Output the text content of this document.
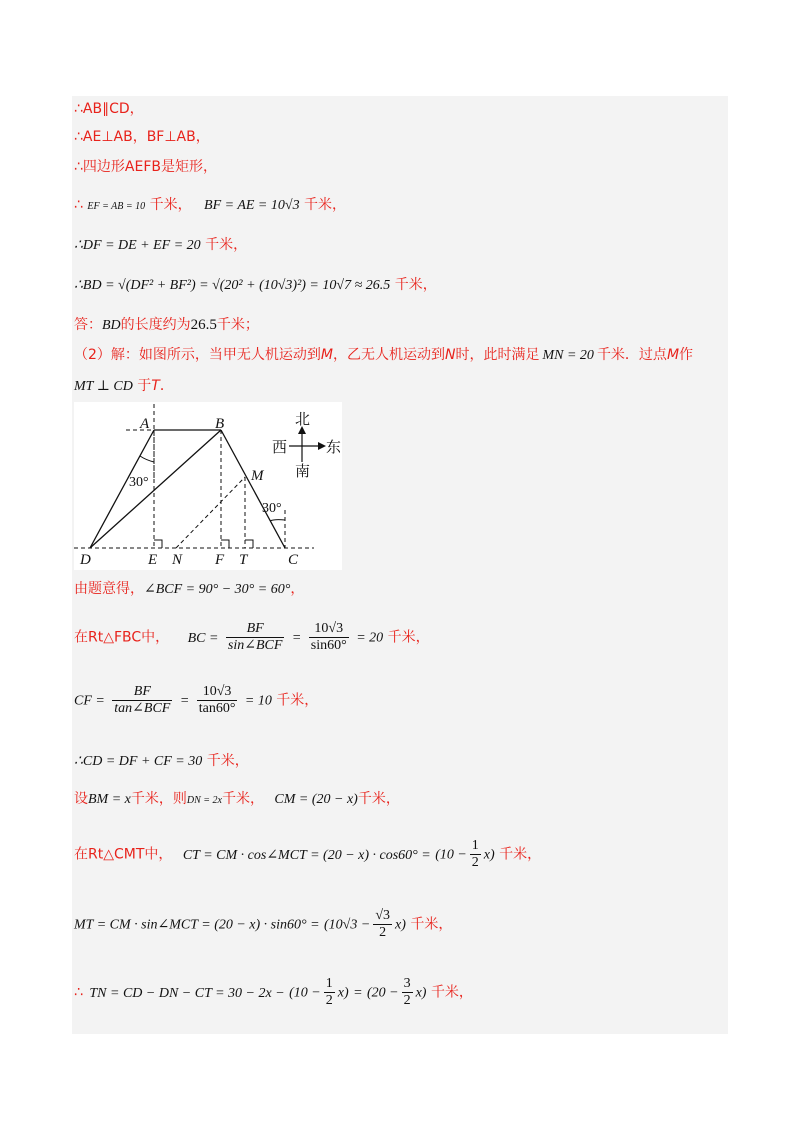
∴AB∥CD，
∴AE⊥AB，BF⊥AB，
∴四边形AEFB是矩形，
∴ EF = AB = 10 千米， BF = AE = 10√3 千米，
∴DF = DE + EF = 20 千米，
∴BD = √(DF² + BF²) = √(20² + (10√3)²) = 10√7 ≈ 26.5 千米，
答：BD的长度约为26.5千米；
（2）解：如图所示，当甲无人机运动到M，乙无人机运动到N时，此时满足 MN = 20 千米．过点M作
MT ⊥ CD 于T．
A	B
M
D	E N F T	C
30°
30°
北
南
西	东
由题意得，∠BCF = 90° − 30° = 60°，
在Rt△FBC中， BC = $\frac{BF}{\text{sin∠BCF}} = \frac{10√3}{\sin 60^\circ} = 20$ 千米，
CF = $\frac{BF}{\text{tan∠BCF}} = \frac{10√3}{\tan 60^\circ} = 10$ 千米，
∴CD = DF + CF = 30 千米，
设BM = x千米，则DN = 2x千米， CM = (20 − x)千米，
在Rt△CMT中， CT = CM · cos∠MCT = $(20 - x) \cdot \cos 60^\circ = (10 - \frac{1}{2} x)$ 千米，
MT = CM · sin∠MCT = $(20 - x) \cdot \sin 60^\circ = (10√3 - \frac{√3}{2} x)$ 千米，
∴ TN = CD − DN − CT = $30 - 2x - (10 - \frac{1}{2} x) = (20 - \frac{3}{2} x)$ 千米，
